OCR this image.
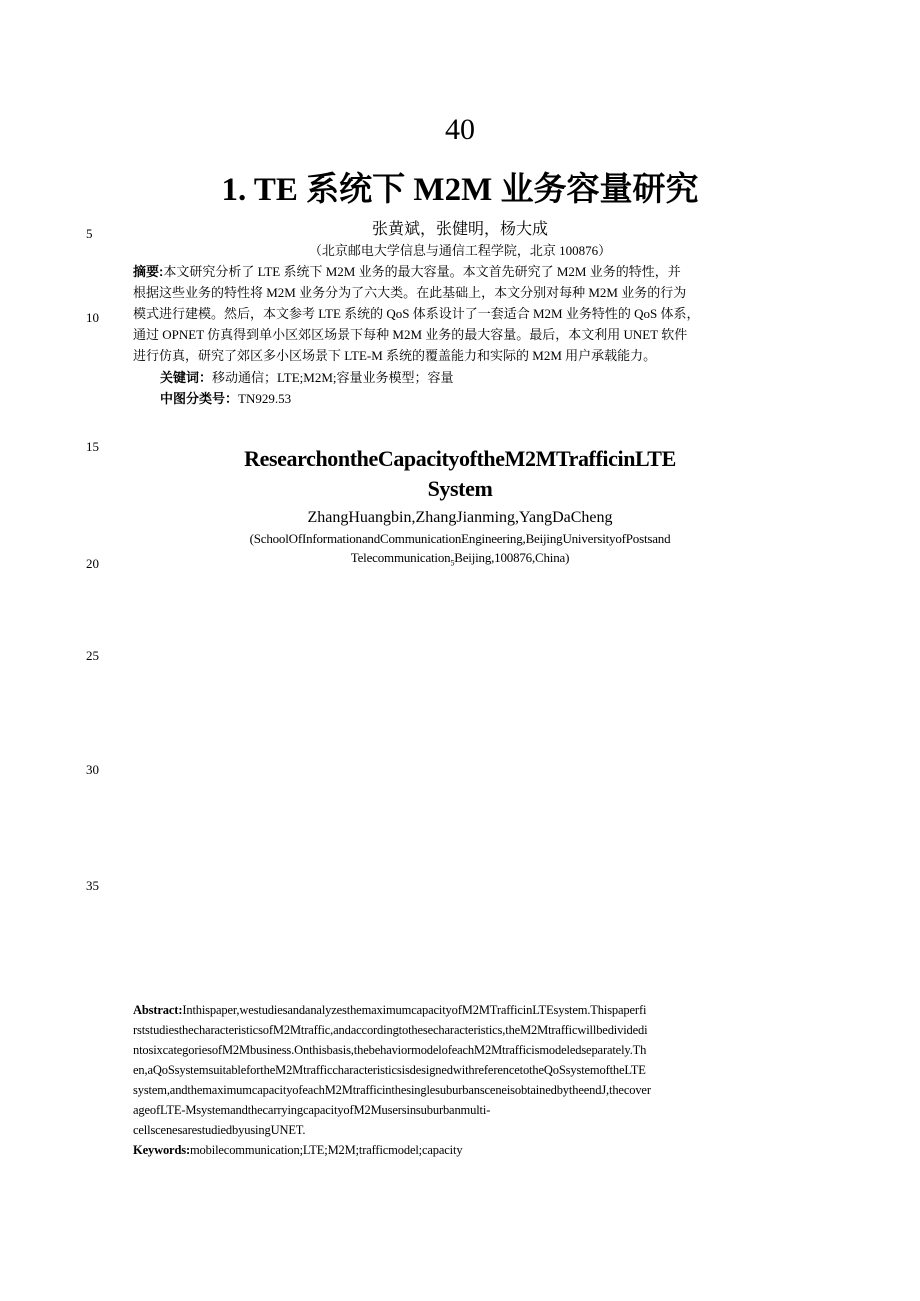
5
10
15
20
25
30
35
40
1. TE 系统下 M2M 业务容量研究
张黄斌，张健明，杨大成
（北京邮电大学信息与通信工程学院，北京 100876）
摘要:本文研究分析了 LTE 系统下 M2M 业务的最大容量。本文首先研究了 M2M 业务的特性，并
根据这些业务的特性将 M2M 业务分为了六大类。在此基础上，本文分别对每种 M2M 业务的行为
模式进行建模。然后，本文参考 LTE 系统的 QoS 体系设计了一套适合 M2M 业务特性的 QoS 体系，
通过 OPNET 仿真得到单小区郊区场景下每种 M2M 业务的最大容量。最后，本文利用 UNET 软件
进行仿真，研究了郊区多小区场景下 LTE-M 系统的覆盖能力和实际的 M2M 用户承载能力。
关键词：移动通信；LTE;M2M;容量业务模型；容量
中图分类号：TN929.53
ResearchontheCapacityoftheM2MTrafficinLTE
System
ZhangHuangbin,ZhangJianming,YangDaCheng
(SchoolOfInformationandCommunicationEngineering,BeijingUniversityofPostsand
Telecommunication$_5$Beijing,100876,China)
Abstract:Inthispaper,westudiesandanalyzesthemaximumcapacityofM2MTrafficinLTEsystem.Thispaperfi
rststudiesthecharacteristicsofM2Mtraffic,andaccordingtothesecharacteristics,theM2Mtrafficwillbedividedi
ntosixcategoriesofM2Mbusiness.Onthisbasis,thebehaviormodelofeachM2Mtrafficismodeledseparately.Th
en,aQoSsystemsuitablefortheM2MtrafficcharacteristicsisdesignedwithreferencetotheQoSsystemoftheLTE
system,andthemaximumcapacityofeachM2MtrafficinthesinglesuburbansceneisobtainedbytheendJ,thecover
ageofLTE-MsystemandthecarryingcapacityofM2Musersinsuburbanmulti-
cellscenesarestudiedbyusingUNET.
Keywords:mobilecommunication;LTE;M2M;trafficmodel;capacity
